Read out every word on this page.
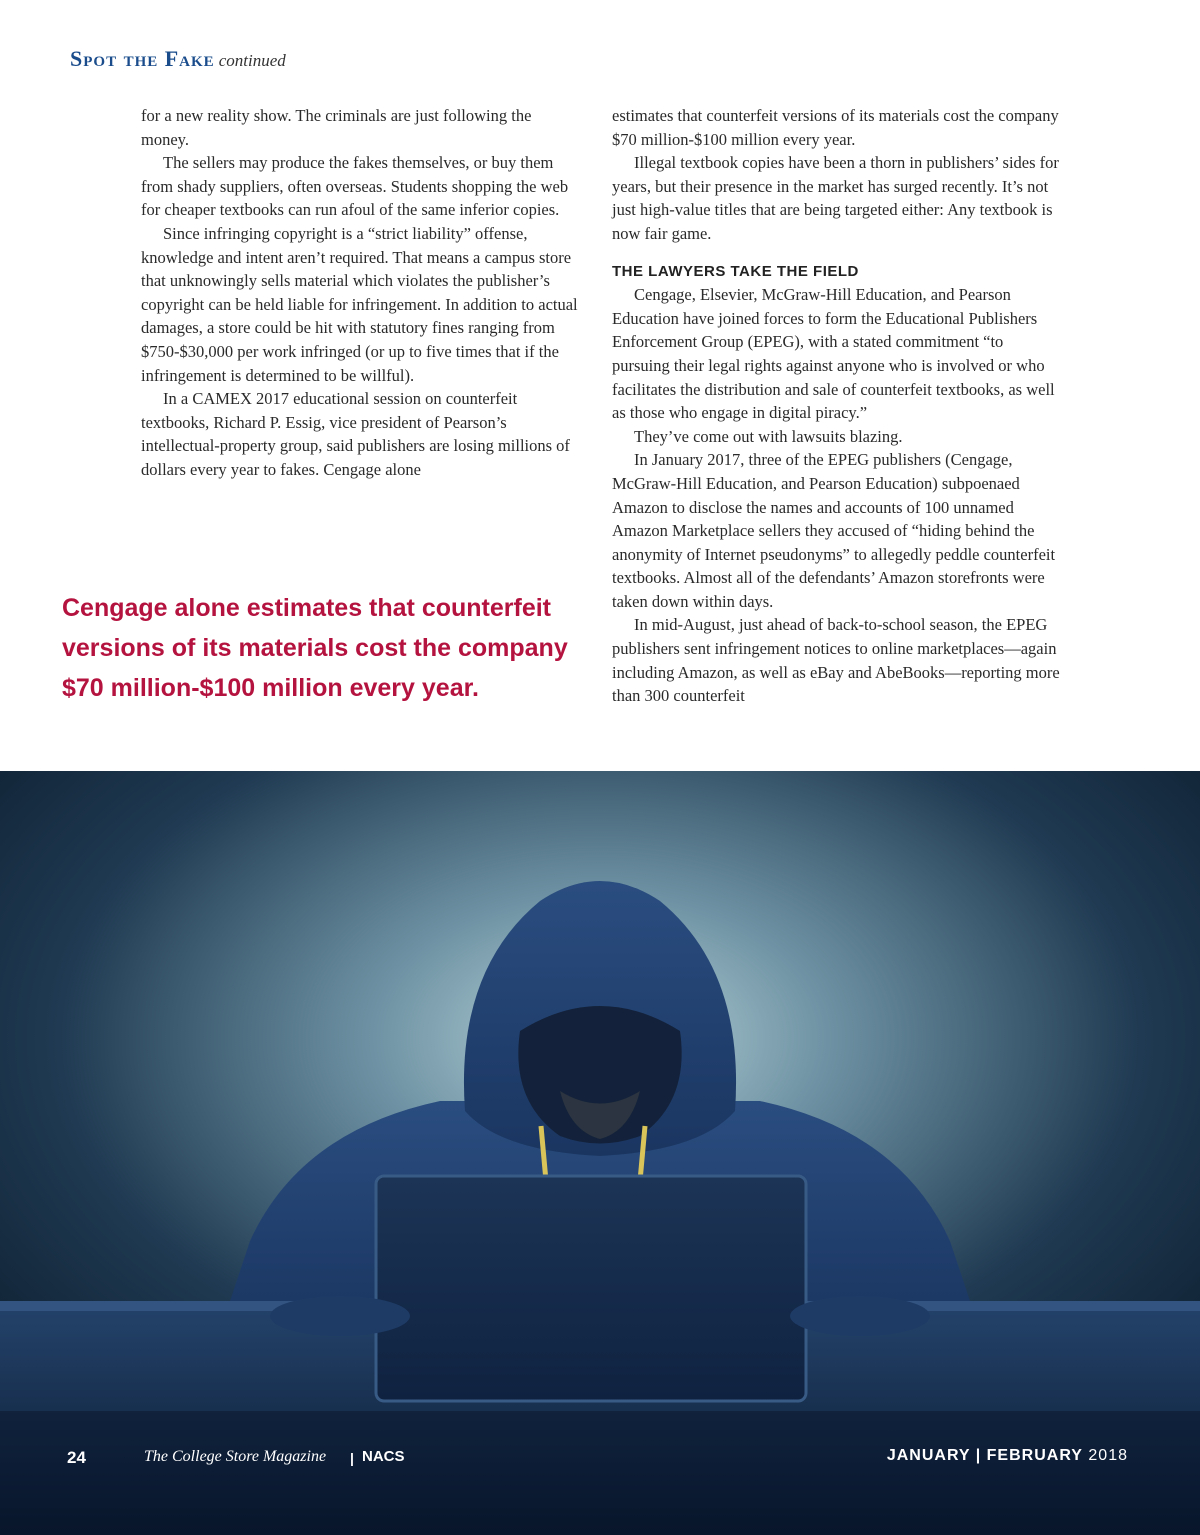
Spot the Fake continued

for a new reality show. The criminals are just following the money.

The sellers may produce the fakes themselves, or buy them from shady suppliers, often overseas. Students shopping the web for cheaper textbooks can run afoul of the same inferior copies.

Since infringing copyright is a “strict liability” offense, knowledge and intent aren’t required. That means a campus store that unknowingly sells material which violates the publisher’s copyright can be held liable for infringement. In addition to actual damages, a store could be hit with statutory fines ranging from $750-$30,000 per work infringed (or up to five times that if the infringement is determined to be willful).

In a CAMEX 2017 educational session on counterfeit textbooks, Richard P. Essig, vice president of Pearson’s intellectual-property group, said publishers are losing millions of dollars every year to fakes. Cengage alone

Cengage alone estimates that counterfeit versions of its materials cost the company $70 million-$100 million every year.

estimates that counterfeit versions of its materials cost the company $70 million-$100 million every year.

Illegal textbook copies have been a thorn in publishers’ sides for years, but their presence in the market has surged recently. It’s not just high-value titles that are being targeted either: Any textbook is now fair game.

THE LAWYERS TAKE THE FIELD

Cengage, Elsevier, McGraw-Hill Education, and Pearson Education have joined forces to form the Educational Publishers Enforcement Group (EPEG), with a stated commitment “to pursuing their legal rights against anyone who is involved or who facilitates the distribution and sale of counterfeit textbooks, as well as those who engage in digital piracy.”

They’ve come out with lawsuits blazing.

In January 2017, three of the EPEG publishers (Cengage, McGraw-Hill Education, and Pearson Education) subpoenaed Amazon to disclose the names and accounts of 100 unnamed Amazon Marketplace sellers they accused of “hiding behind the anonymity of Internet pseudonyms” to allegedly peddle counterfeit textbooks. Almost all of the defendants’ Amazon storefronts were taken down within days.

In mid-August, just ahead of back-to-school season, the EPEG publishers sent infringement notices to online marketplaces—again including Amazon, as well as eBay and AbeBooks—reporting more than 300 counterfeit

24	The College Store Magazine | NACS	JANUARY | FEBRUARY 2018
